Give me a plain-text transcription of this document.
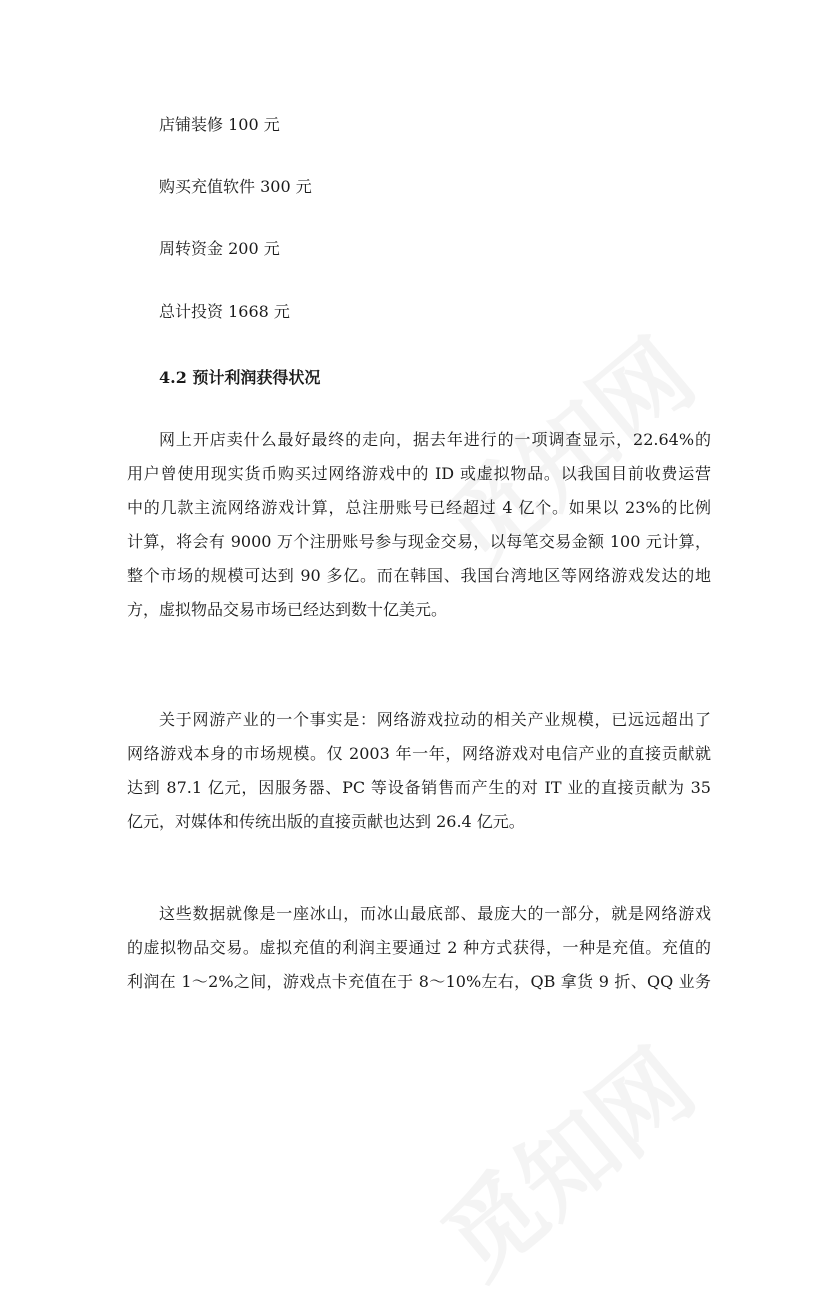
店铺装修 100 元
购买充值软件 300 元
周转资金 200 元
总计投资 1668 元
4.2 预计利润获得状况
网上开店卖什么最好最终的走向，据去年进行的一项调查显示，22.64%的
用户曾使用现实货币购买过网络游戏中的 ID 或虚拟物品。以我国目前收费运营
中的几款主流网络游戏计算，总注册账号已经超过 4 亿个。如果以 23%的比例
计算，将会有 9000 万个注册账号参与现金交易，以每笔交易金额 100 元计算，
整个市场的规模可达到 90 多亿。而在韩国、我国台湾地区等网络游戏发达的地
方，虚拟物品交易市场已经达到数十亿美元。
关于网游产业的一个事实是：网络游戏拉动的相关产业规模，已远远超出了
网络游戏本身的市场规模。仅 2003 年一年，网络游戏对电信产业的直接贡献就
达到 87.1 亿元，因服务器、PC 等设备销售而产生的对 IT 业的直接贡献为 35
亿元，对媒体和传统出版的直接贡献也达到 26.4 亿元。
这些数据就像是一座冰山，而冰山最底部、最庞大的一部分，就是网络游戏
的虚拟物品交易。虚拟充值的利润主要通过 2 种方式获得，一种是充值。充值的
利润在 1～2%之间，游戏点卡充值在于 8～10%左右，QB 拿货 9 折、QQ 业务
